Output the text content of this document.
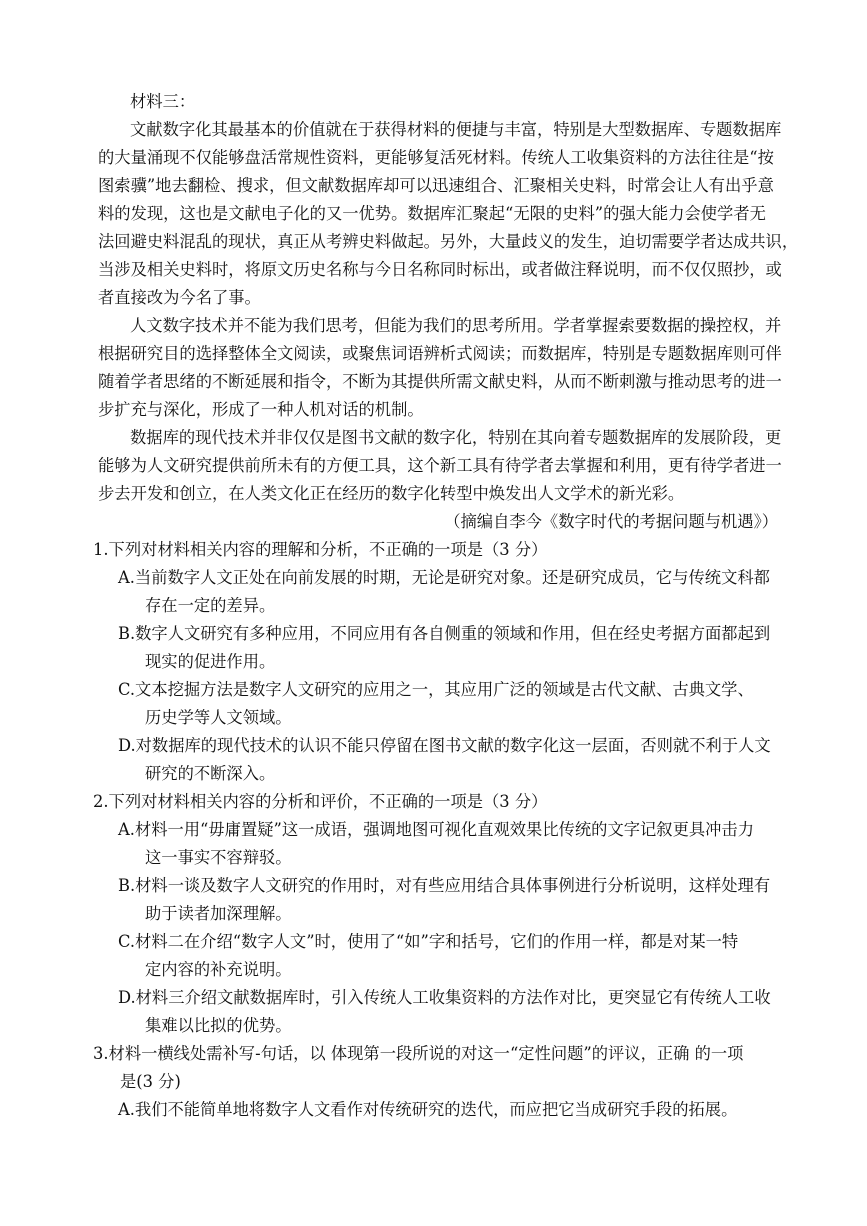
材料三：
文献数字化其最基本的价值就在于获得材料的便捷与丰富，特别是大型数据库、专题数据库
的大量涌现不仅能够盘活常规性资料，更能够复活死材料。传统人工收集资料的方法往往是“按
图索骥”地去翻检、搜求，但文献数据库却可以迅速组合、汇聚相关史料，时常会让人有出乎意
料的发现，这也是文献电子化的又一优势。数据库汇聚起“无限的史料”的强大能力会使学者无
法回避史料混乱的现状，真正从考辨史料做起。另外，大量歧义的发生，迫切需要学者达成共识，
当涉及相关史料时，将原文历史名称与今日名称同时标出，或者做注释说明，而不仅仅照抄，或
者直接改为今名了事。
人文数字技术并不能为我们思考，但能为我们的思考所用。学者掌握索要数据的操控权，并
根据研究目的选择整体全文阅读，或聚焦词语辨析式阅读；而数据库，特别是专题数据库则可伴
随着学者思绪的不断延展和指令，不断为其提供所需文献史料，从而不断刺激与推动思考的进一
步扩充与深化，形成了一种人机对话的机制。
数据库的现代技术并非仅仅是图书文献的数字化，特别在其向着专题数据库的发展阶段，更
能够为人文研究提供前所未有的方便工具，这个新工具有待学者去掌握和利用，更有待学者进一
步去开发和创立，在人类文化正在经历的数字化转型中焕发出人文学术的新光彩。
（摘编自李今《数字时代的考据问题与机遇》）
1.下列对材料相关内容的理解和分析，不正确的一项是（3 分）
A.当前数字人文正处在向前发展的时期，无论是研究对象。还是研究成员，它与传统文科都
存在一定的差异。
B.数字人文研究有多种应用，不同应用有各自侧重的领域和作用，但在经史考据方面都起到
现实的促进作用。
C.文本挖掘方法是数字人文研究的应用之一，其应用广泛的领域是古代文献、古典文学、
历史学等人文领域。
D.对数据库的现代技术的认识不能只停留在图书文献的数字化这一层面，否则就不利于人文
研究的不断深入。
2.下列对材料相关内容的分析和评价，不正确的一项是（3 分）
A.材料一用“毋庸置疑”这一成语，强调地图可视化直观效果比传统的文字记叙更具冲击力
这一事实不容辩驳。
B.材料一谈及数字人文研究的作用时，对有些应用结合具体事例进行分析说明，这样处理有
助于读者加深理解。
C.材料二在介绍“数字人文”时，使用了“如”字和括号，它们的作用一样，都是对某一特
定内容的补充说明。
D.材料三介绍文献数据库时，引入传统人工收集资料的方法作对比，更突显它有传统人工收
集难以比拟的优势。
3.材料一横线处需补写-句话，以 体现第一段所说的对这一“定性问题”的评议，正确 的一项
是(3 分)
A.我们不能简单地将数字人文看作对传统研究的迭代，而应把它当成研究手段的拓展。
